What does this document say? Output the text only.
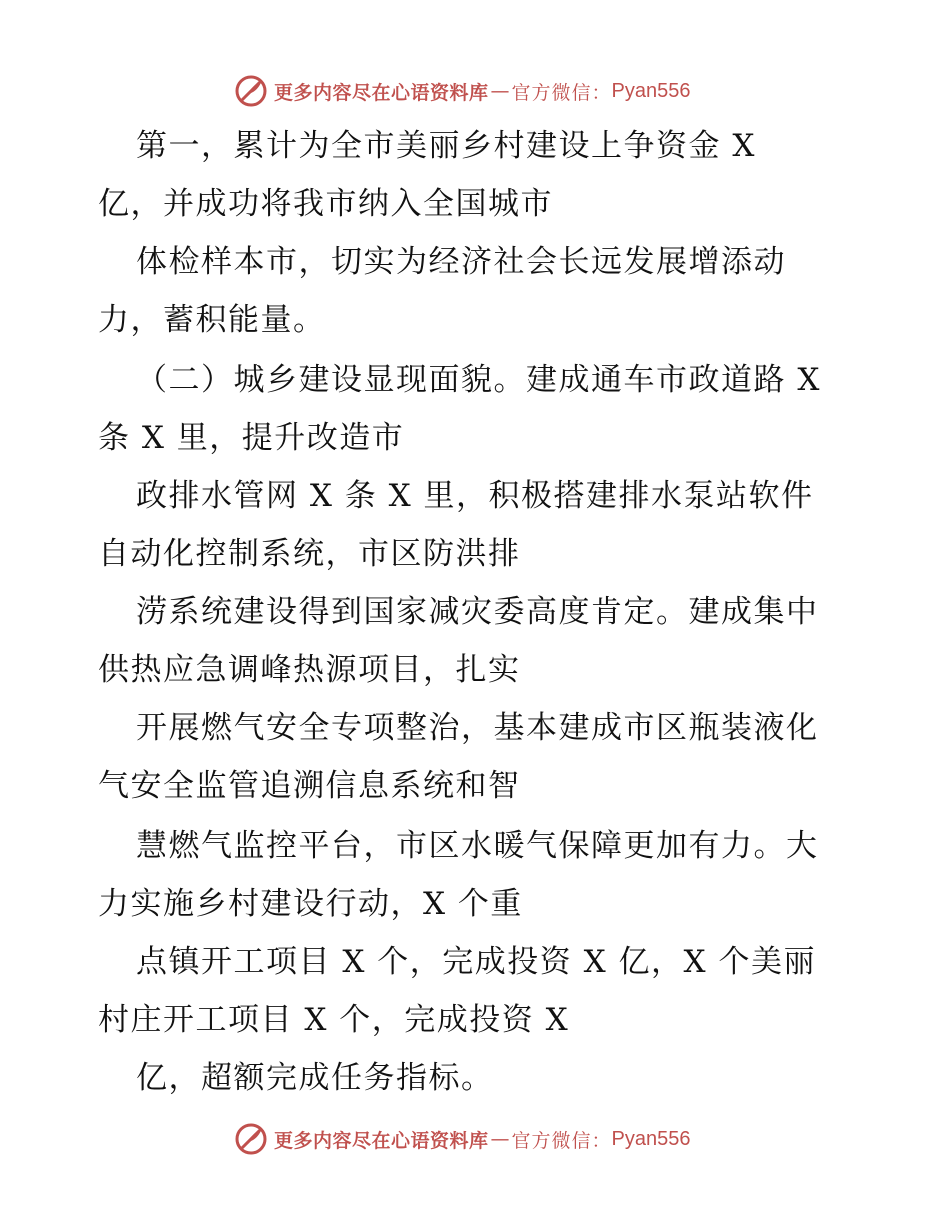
更多内容尽在心语资料库 — 官方微信： Pyan556
第一，累计为全市美丽乡村建设上争资金 X
亿，并成功将我市纳入全国城市
体检样本市，切实为经济社会长远发展增添动
力，蓄积能量。
（二）城乡建设显现面貌。建成通车市政道路 X
条 X 里，提升改造市
政排水管网 X 条 X 里，积极搭建排水泵站软件
自动化控制系统，市区防洪排
涝系统建设得到国家减灾委高度肯定。建成集中
供热应急调峰热源项目，扎实
开展燃气安全专项整治，基本建成市区瓶装液化
气安全监管追溯信息系统和智
慧燃气监控平台，市区水暖气保障更加有力。大
力实施乡村建设行动，X 个重
点镇开工项目 X 个，完成投资 X 亿，X 个美丽
村庄开工项目 X 个，完成投资 X
亿，超额完成任务指标。
更多内容尽在心语资料库 — 官方微信： Pyan556
